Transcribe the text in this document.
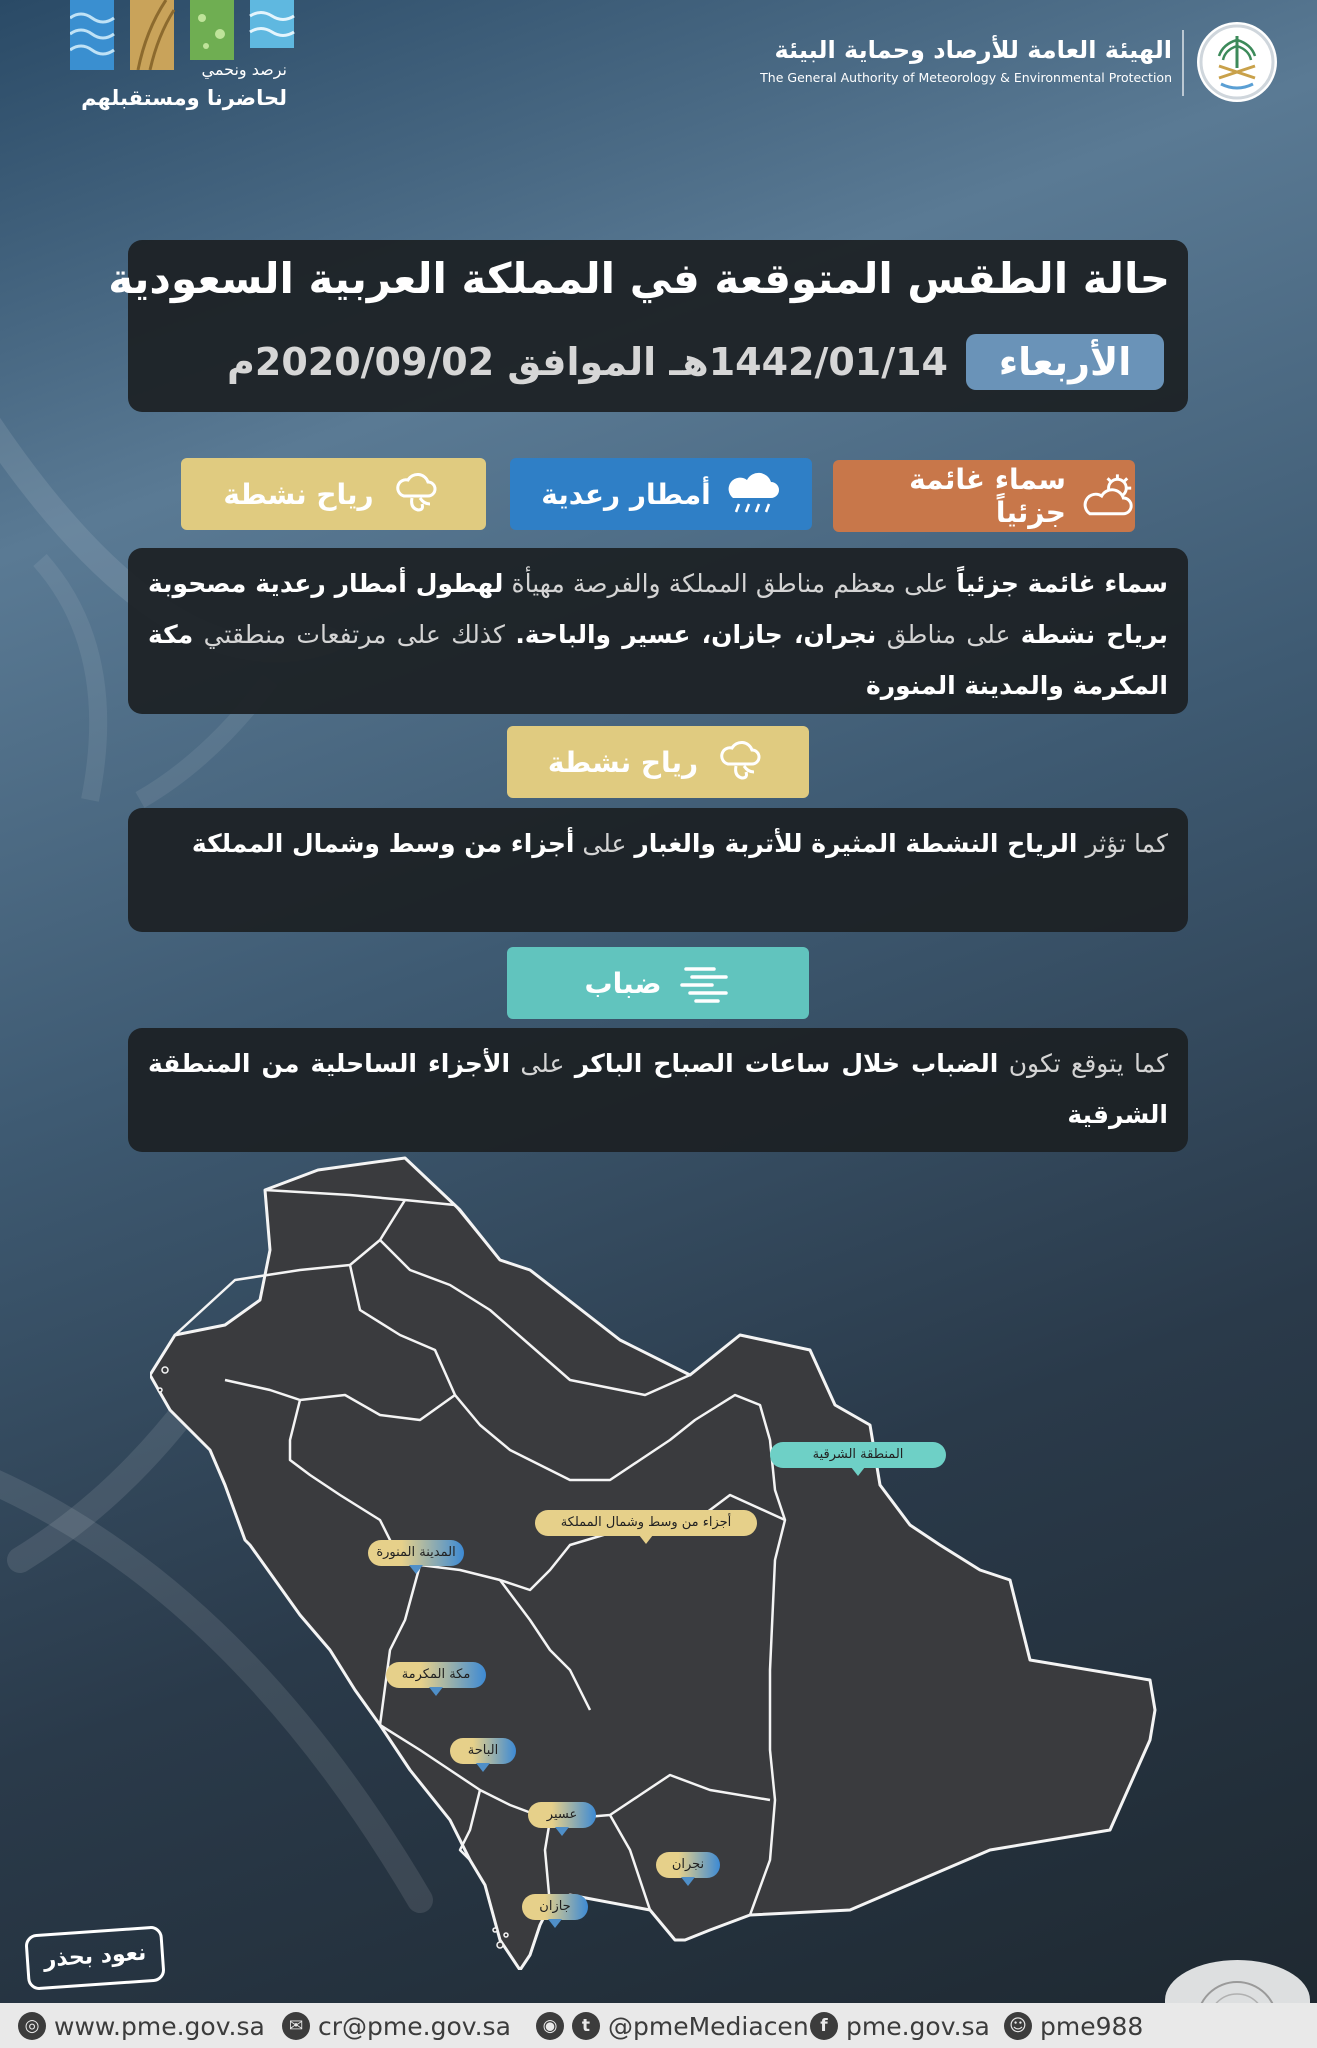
الهيئة العامة للأرصاد وحماية البيئة
The General Authority of Meteorology & Environmental Protection
نرصد ونحمي
لحاضرنا ومستقبلهم
حالة الطقس المتوقعة في المملكة العربية السعودية
الأربعاء
1442/01/14هـ الموافق 2020/09/02م
سماء غائمة جزئياً
أمطار رعدية
رياح نشطة

سماء غائمة جزئياً على معظم مناطق المملكة والفرصة مهيأة لهطول أمطار رعدية مصحوبة برياح نشطة على مناطق نجران، جازان، عسير والباحة. كذلك على مرتفعات منطقتي مكة المكرمة والمدينة المنورة

رياح نشطة

كما تؤثر الرياح النشطة المثيرة للأتربة والغبار على أجزاء من وسط وشمال المملكة

ضباب

كما يتوقع تكون الضباب خلال ساعات الصباح الباكر على الأجزاء الساحلية من المنطقة الشرقية

المنطقة الشرقية
أجزاء من وسط وشمال المملكة
المدينة المنورة
مكة المكرمة
الباحة
عسير
نجران
جازان
نعود بحذر
◎ www.pme.gov.sa	✉ cr@pme.gov.sa	◉	t @pmeMediacen f pme.gov.sa	☺ pme988
